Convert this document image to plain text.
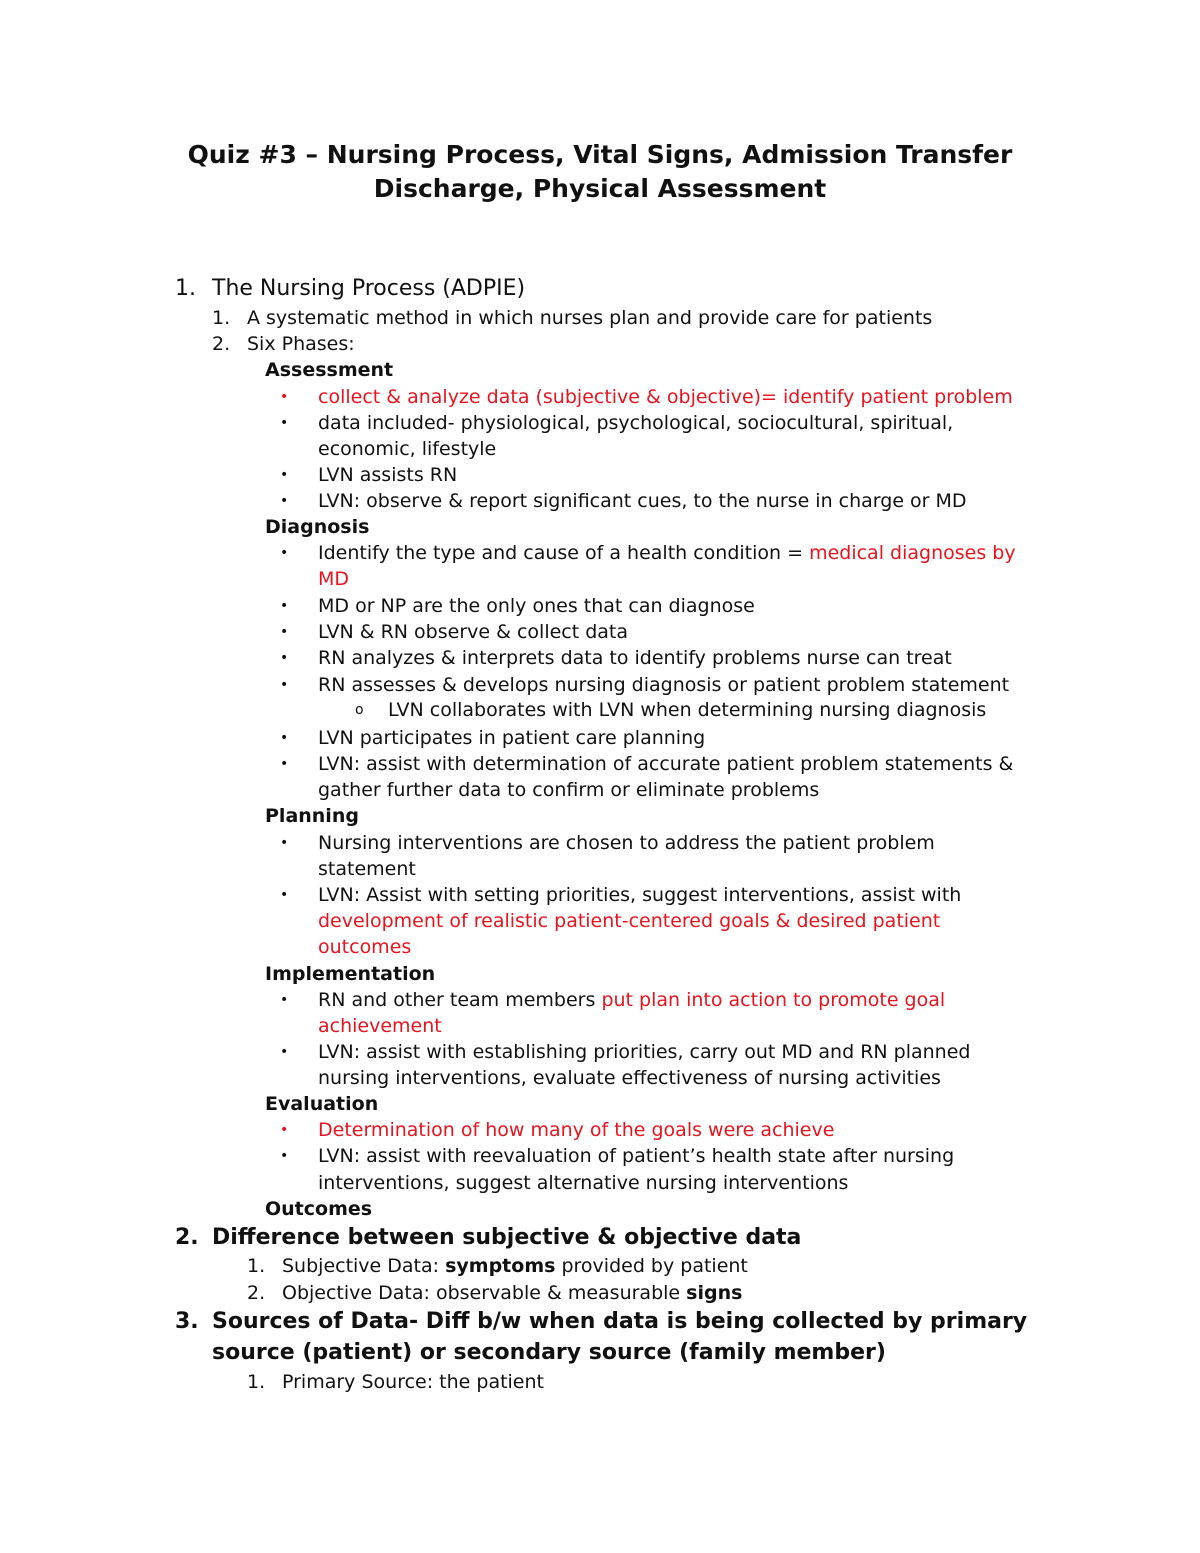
Quiz #3 – Nursing Process, Vital Signs, Admission Transfer
Discharge, Physical Assessment
1. The Nursing Process (ADPIE)
1. A systematic method in which nurses plan and provide care for patients
2. Six Phases:
Assessment
• collect & analyze data (subjective & objective)= identify patient problem
• data included- physiological, psychological, sociocultural, spiritual,
economic, lifestyle
• LVN assists RN
• LVN: observe & report significant cues, to the nurse in charge or MD
Diagnosis
• Identify the type and cause of a health condition = medical diagnoses by
MD
• MD or NP are the only ones that can diagnose
• LVN & RN observe & collect data
• RN analyzes & interprets data to identify problems nurse can treat
• RN assesses & develops nursing diagnosis or patient problem statement
o LVN collaborates with LVN when determining nursing diagnosis
• LVN participates in patient care planning
• LVN: assist with determination of accurate patient problem statements &
gather further data to confirm or eliminate problems
Planning
• Nursing interventions are chosen to address the patient problem
statement
• LVN: Assist with setting priorities, suggest interventions, assist with
development of realistic patient-centered goals & desired patient
outcomes
Implementation
• RN and other team members put plan into action to promote goal
achievement
• LVN: assist with establishing priorities, carry out MD and RN planned
nursing interventions, evaluate effectiveness of nursing activities
Evaluation
• Determination of how many of the goals were achieve
• LVN: assist with reevaluation of patient’s health state after nursing
interventions, suggest alternative nursing interventions
Outcomes
2. Difference between subjective & objective data
1. Subjective Data: symptoms provided by patient
2. Objective Data: observable & measurable signs
3. Sources of Data- Diff b/w when data is being collected by primary
source (patient) or secondary source (family member)
1. Primary Source: the patient
